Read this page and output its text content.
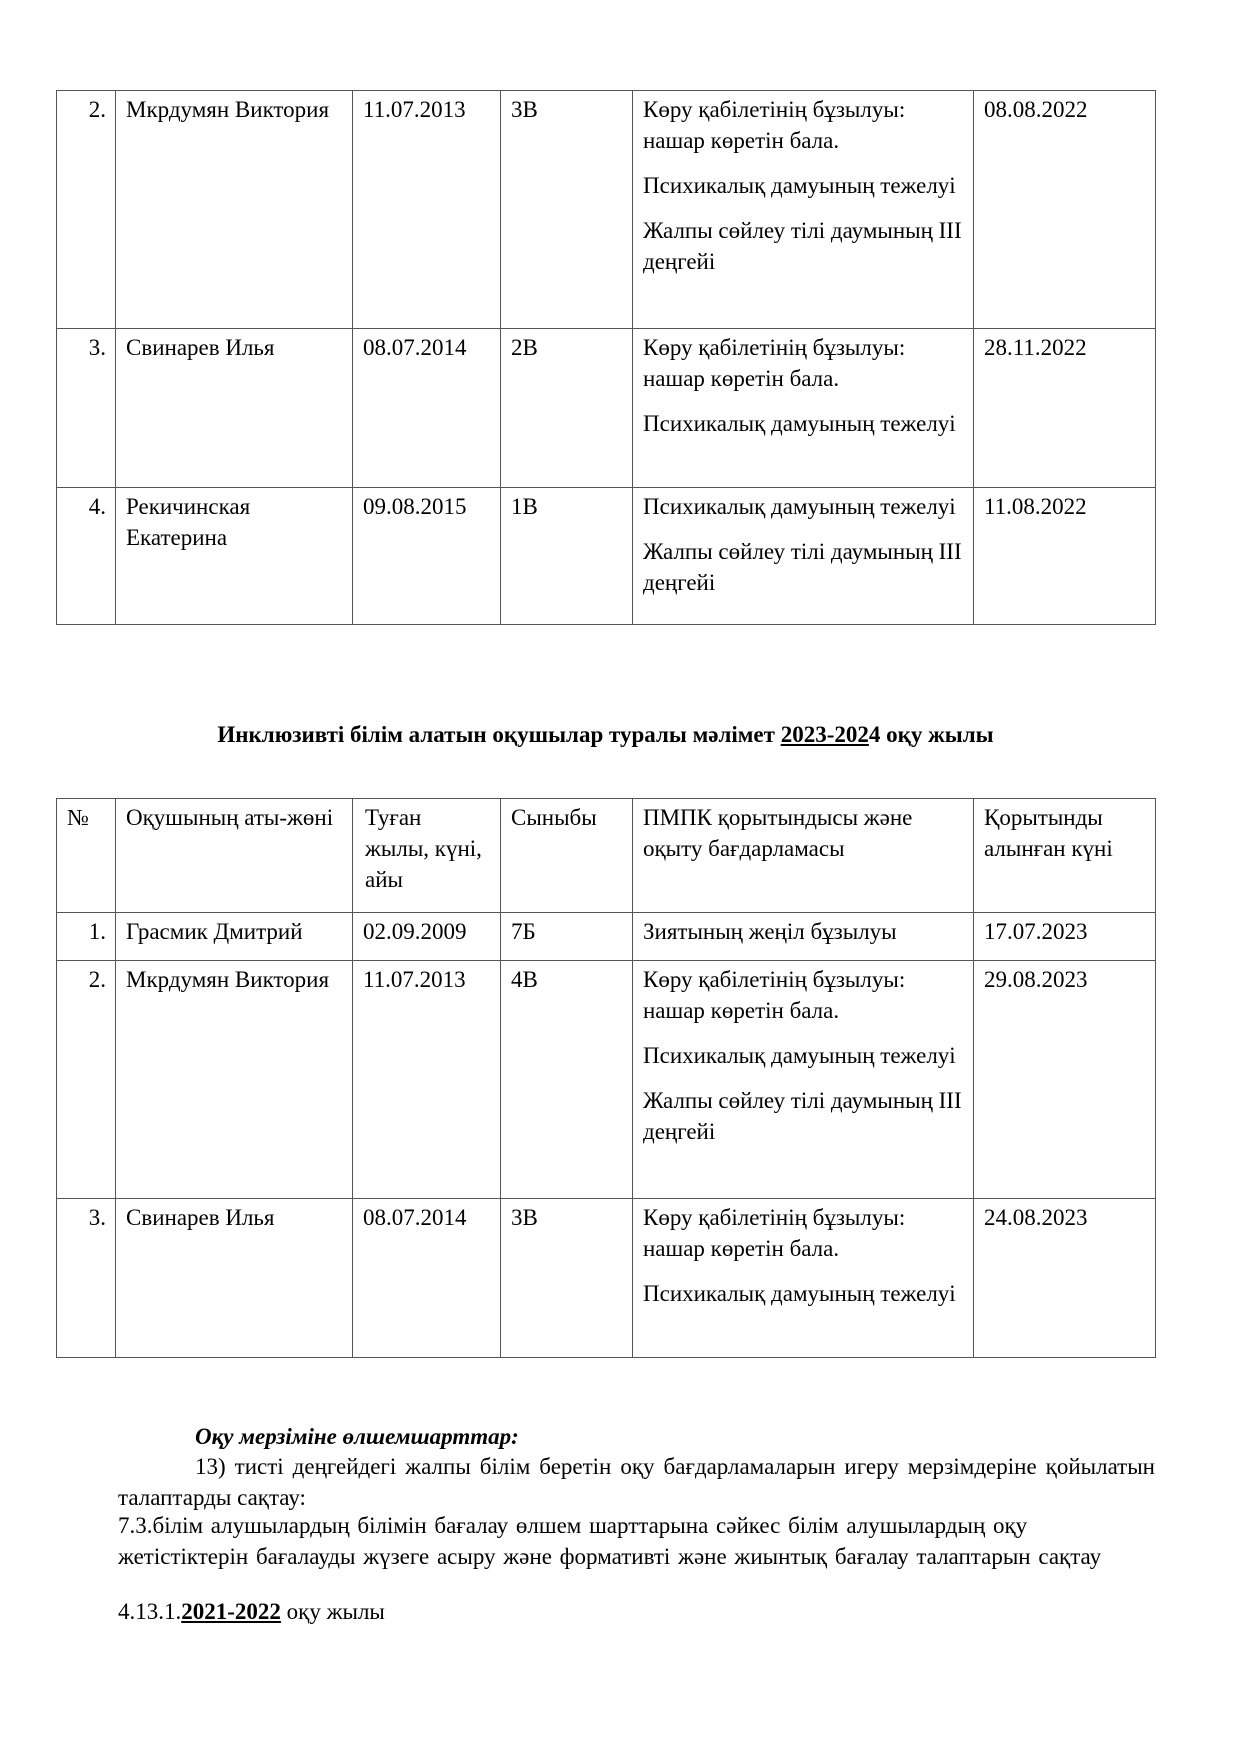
2.	Мкрдумян Виктория	11.07.2013	3В	Көру қабілетінің бұзылуы: нашар көретін бала.

Психикалық дамуының тежелуі

Жалпы сөйлеу тілі даумының III деңгейі	08.08.2022
3.	Свинарев Илья	08.07.2014	2В	Көру қабілетінің бұзылуы: нашар көретін бала.

Психикалық дамуының тежелуі	28.11.2022
4.	Рекичинская Екатерина	09.08.2015	1В	Психикалық дамуының тежелуі

Жалпы сөйлеу тілі даумының III деңгейі	11.08.2022
Инклюзивті білім алатын оқушылар туралы мәлімет 2023-2024 оқу жылы
№	Оқушының аты-жөні	Туған жылы, күні, айы	Сыныбы	ПМПК қорытындысы және оқыту бағдарламасы	Қорытынды алынған күні
1.	Грасмик Дмитрий	02.09.2009	7Б	Зиятының жеңіл бұзылуы	17.07.2023
2.	Мкрдумян Виктория	11.07.2013	4В	Көру қабілетінің бұзылуы: нашар көретін бала.

Психикалық дамуының тежелуі

Жалпы сөйлеу тілі даумының III деңгейі	29.08.2023
3.	Свинарев Илья	08.07.2014	3В	Көру қабілетінің бұзылуы: нашар көретін бала.

Психикалық дамуының тежелуі	24.08.2023
Оқу мерзіміне өлшемшарттар:

13) тисті деңгейдегі жалпы білім беретін оқу бағдарламаларын игеру мерзімдеріне қойылатын талаптарды сақтау:

7.3.білім алушылардың білімін бағалау өлшем шарттарына сәйкес білім алушылардың оқу жетістіктерін бағалауды жүзеге асыру және формативті және жиынтық бағалау талаптарын сақтау

4.13.1.2021-2022 оқу жылы
